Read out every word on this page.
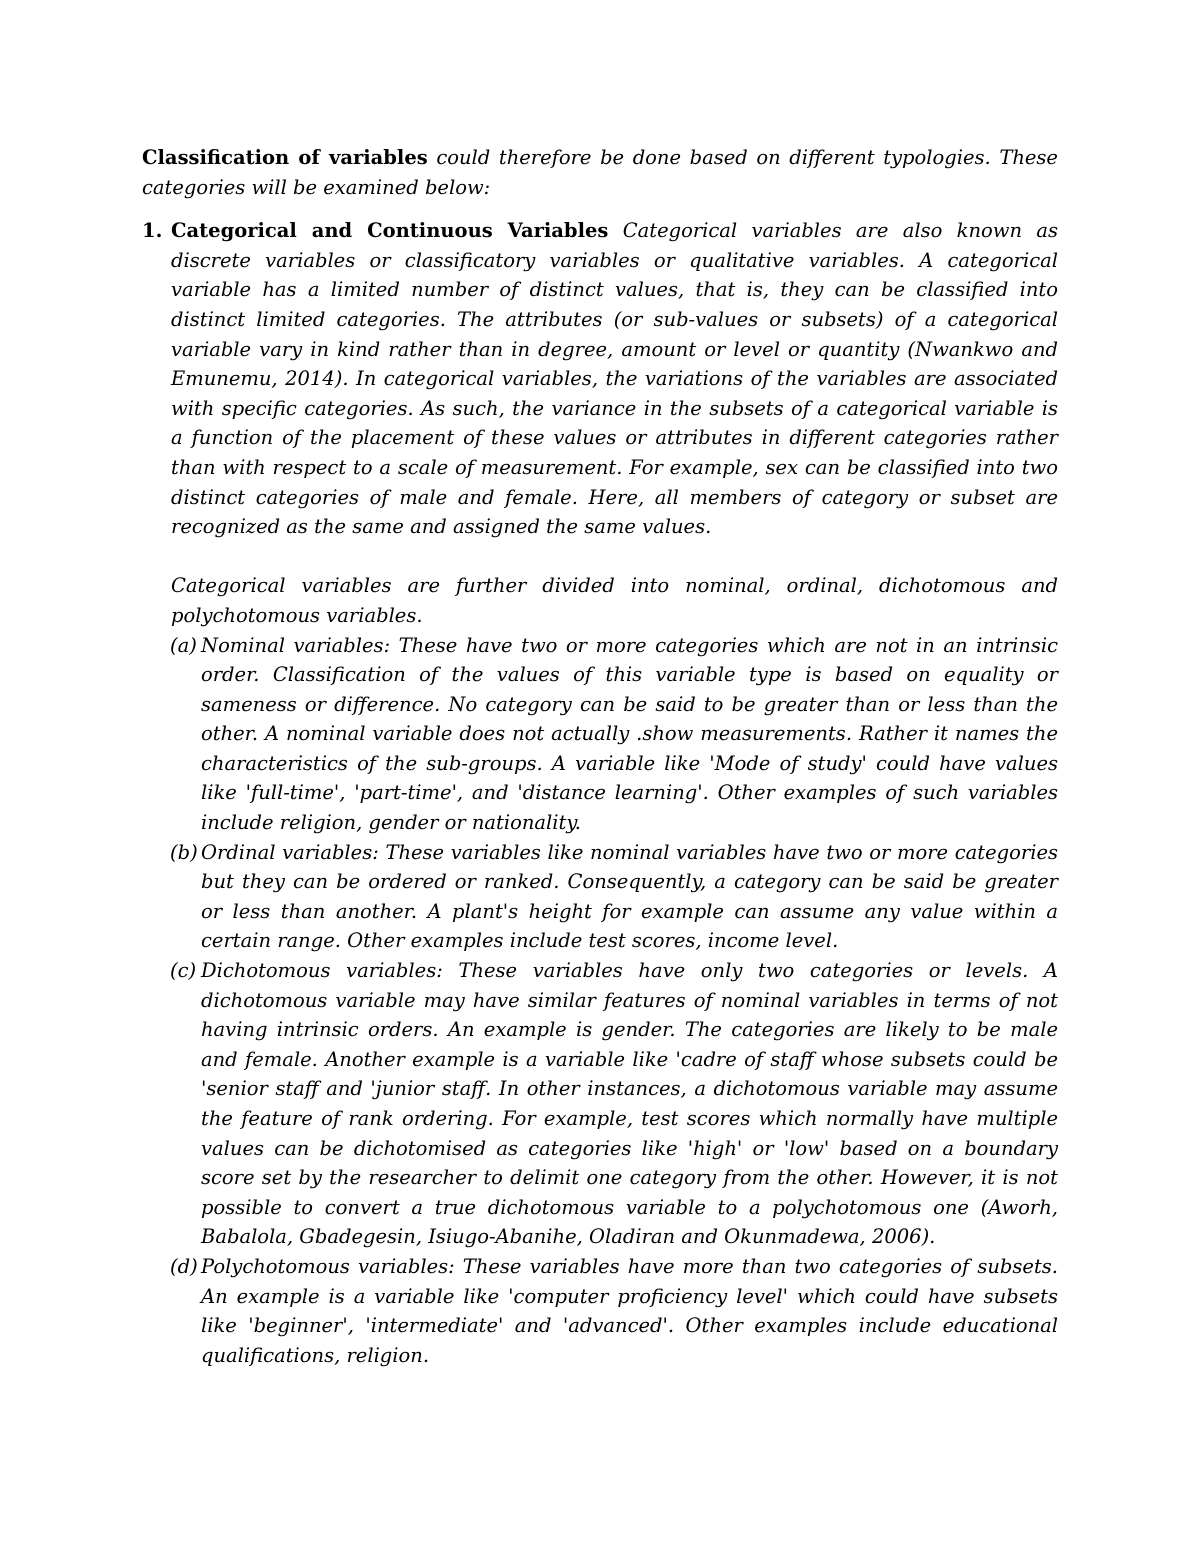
Classification of variables could therefore be done based on different typologies. These categories will be examined below:

1. Categorical and Continuous Variables Categorical variables are also known as discrete variables or classificatory variables or qualitative variables. A categorical variable has a limited number of distinct values, that is, they can be classified into distinct limited categories. The attributes (or sub-values or subsets) of a categorical variable vary in kind rather than in degree, amount or level or quantity (Nwankwo and Emunemu, 2014). In categorical variables, the variations of the variables are associated with specific categories. As such, the variance in the subsets of a categorical variable is a function of the placement of these values or attributes in different categories rather than with respect to a scale of measurement. For example, sex can be classified into two distinct categories of male and female. Here, all members of category or subset are recognized as the same and assigned the same values.

Categorical variables are further divided into nominal, ordinal, dichotomous and polychotomous variables.

(a) Nominal variables: These have two or more categories which are not in an intrinsic order. Classification of the values of this variable type is based on equality or sameness or difference. No category can be said to be greater than or less than the other. A nominal variable does not actually .show measurements. Rather it names the characteristics of the sub-groups. A variable like 'Mode of study' could have values like 'full-time', 'part-time', and 'distance learning'. Other examples of such variables include religion, gender or nationality.

(b) Ordinal variables: These variables like nominal variables have two or more categories but they can be ordered or ranked. Consequently, a category can be said be greater or less than another. A plant's height for example can assume any value within a certain range. Other examples include test scores, income level.

(c) Dichotomous variables: These variables have only two categories or levels. A dichotomous variable may have similar features of nominal variables in terms of not having intrinsic orders. An example is gender. The categories are likely to be male and female. Another example is a variable like 'cadre of staff whose subsets could be 'senior staff and 'junior staff. In other instances, a dichotomous variable may assume the feature of rank ordering. For example, test scores which normally have multiple values can be dichotomised as categories like 'high' or 'low' based on a boundary score set by the researcher to delimit one category from the other. However, it is not possible to convert a true dichotomous variable to a polychotomous one (Aworh, Babalola, Gbadegesin, Isiugo-Abanihe, Oladiran and Okunmadewa, 2006).

(d) Polychotomous variables: These variables have more than two categories of subsets. An example is a variable like 'computer proficiency level' which could have subsets like 'beginner', 'intermediate' and 'advanced'. Other examples include educational qualifications, religion.
